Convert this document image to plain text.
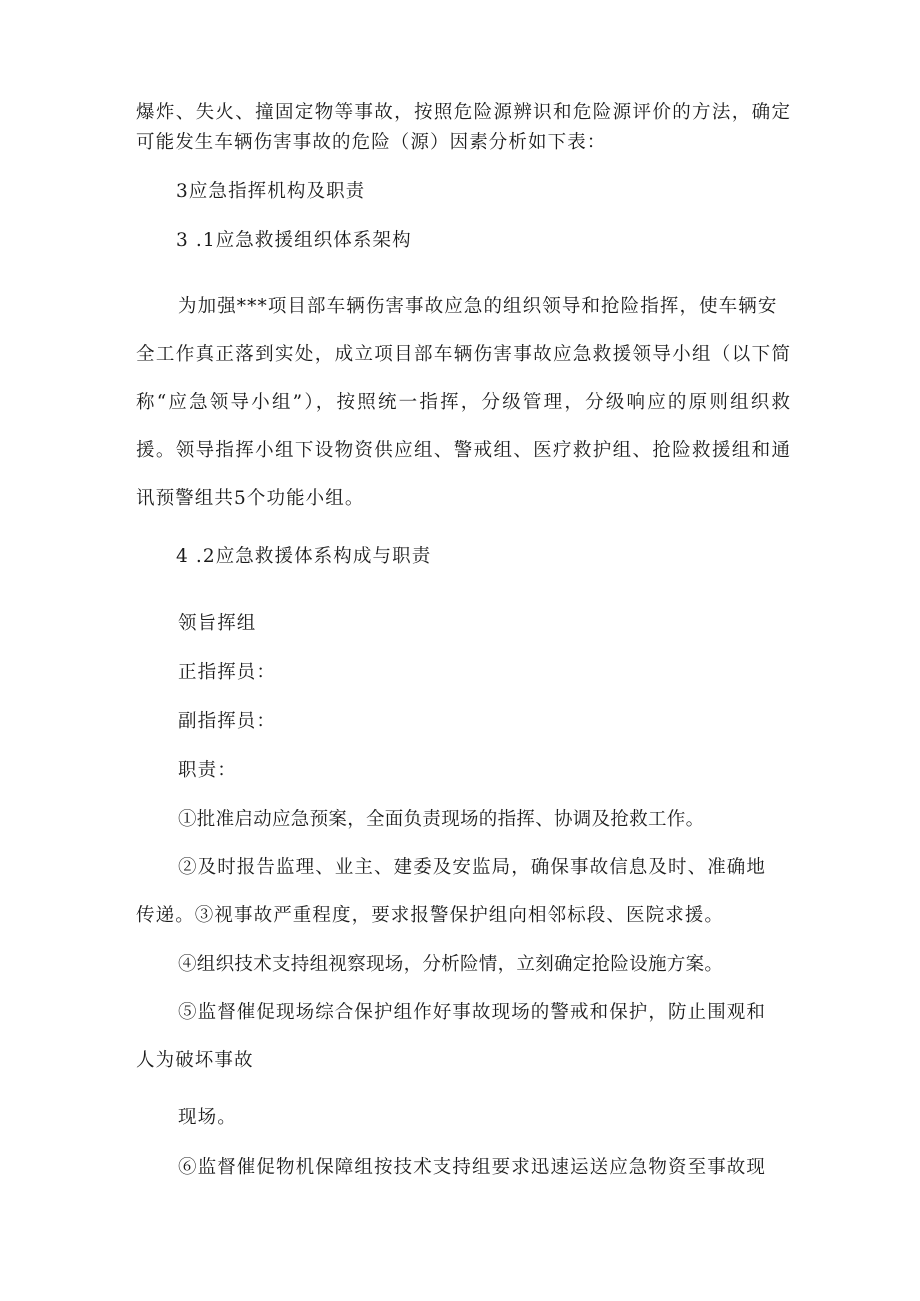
爆炸、失火、撞固定物等事故，按照危险源辨识和危险源评价的方法，确定
可能发生车辆伤害事故的危险（源）因素分析如下表：
3应急指挥机构及职责
3 .1应急救援组织体系架构
为加强***项目部车辆伤害事故应急的组织领导和抢险指挥，使车辆安
全工作真正落到实处，成立项目部车辆伤害事故应急救援领导小组（以下简
称“应急领导小组”），按照统一指挥，分级管理，分级响应的原则组织救
援。领导指挥小组下设物资供应组、警戒组、医疗救护组、抢险救援组和通
讯预警组共5个功能小组。
4 .2应急救援体系构成与职责
领旨挥组
正指挥员：
副指挥员：
职责：
①批准启动应急预案，全面负责现场的指挥、协调及抢救工作。
②及时报告监理、业主、建委及安监局，确保事故信息及时、准确地
传递。③视事故严重程度，要求报警保护组向相邻标段、医院求援。
④组织技术支持组视察现场，分析险情，立刻确定抢险设施方案。
⑤监督催促现场综合保护组作好事故现场的警戒和保护，防止围观和
人为破坏事故
现场。
⑥监督催促物机保障组按技术支持组要求迅速运送应急物资至事故现
